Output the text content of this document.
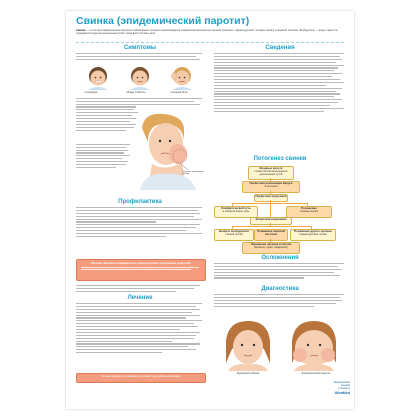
Свинка (эпидемический паротит)
Свинка — это острое инфекционное вирусное заболевание, которое сопровождается поражением железистых органов (слюнных, поджелудочной, половых желёз) и нервной системы. Возбудитель — вирус паротита, передаётся воздушно-капельным путём; чаще всего болеют дети.
Симптомы
лихорадка	общая слабость	головная боль
Опухшая околоушная железа
Профилактика
Наличие симптомов эпидемического паротита должно насторожить родителей!
Лечение
Лечение проводится в домашних условиях под наблюдением врача
Сведения
Потогенез свинки
Входные ворота
слизистая оболочка верхних дыхательных путей
Первичная репликация вируса
в эпителии
Первичная вирусемия
Лимфатический путь
в лимфатические узлы
Поражение
слюнных желёз
Вторичная вирусемия
Выброс возбудителя
слюной, мочой
Поражение нервной системы
Поражение других органов
(поджелудочная, яички)
Поражение органов и систем
(менингит, орхит, панкреатит)
Осложнения
Диагностика
Здоровый ребенок	Эпидемический паротит
Медицинская
техника
и плакаты
AltraMed
